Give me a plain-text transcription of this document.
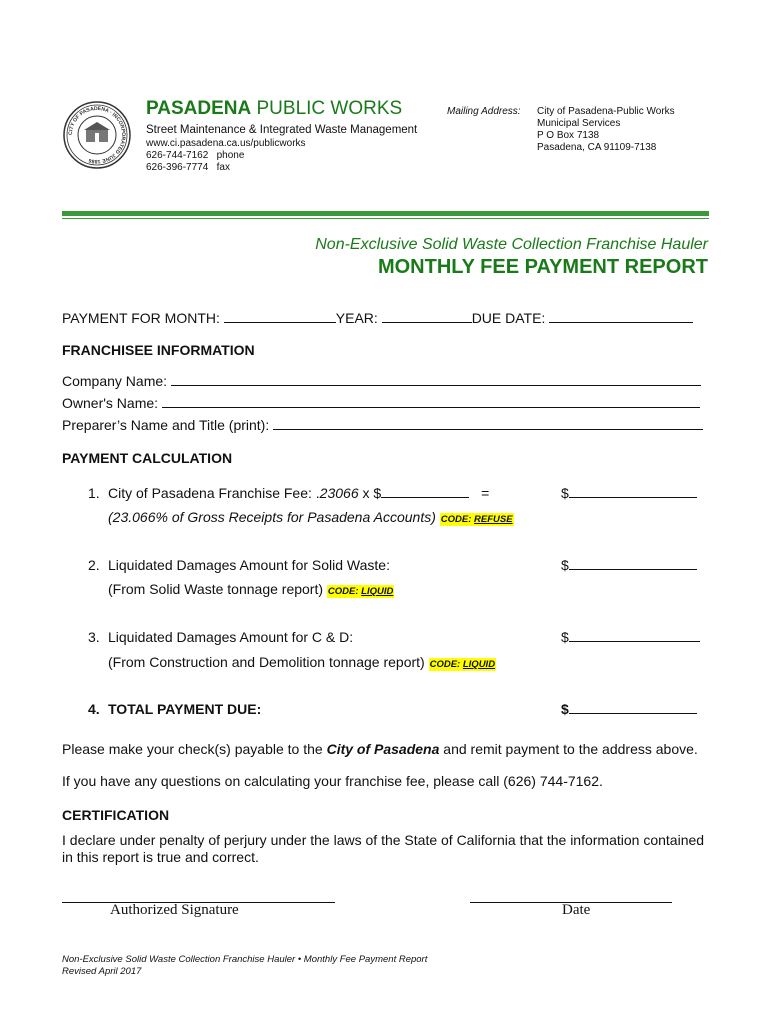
CITY OF PASADENA · INCORPORATED JUNE 1886
PASADENA PUBLIC WORKS
Street Maintenance & Integrated Waste Management
www.ci.pasadena.ca.us/publicworks
626-744-7162   phone
626-396-7774   fax
Mailing Address: City of Pasadena-Public Works
Municipal Services
P O Box 7138
Pasadena, CA 91109-7138
Non-Exclusive Solid Waste Collection Franchise Hauler
MONTHLY FEE PAYMENT REPORT
PAYMENT FOR MONTH:	YEAR:	DUE DATE:
FRANCHISEE INFORMATION
Company Name:
Owner's Name:
Preparer’s Name and Title (print):
PAYMENT CALCULATION
1. City of Pasadena Franchise Fee: .23066 x $	=	$
(23.066% of Gross Receipts for Pasadena Accounts) CODE: REFUSE
2. Liquidated Damages Amount for Solid Waste:	$
(From Solid Waste tonnage report) CODE: LIQUID
3. Liquidated Damages Amount for C & D:	$
(From Construction and Demolition tonnage report) CODE: LIQUID
4. TOTAL PAYMENT DUE:	$
Please make your check(s) payable to the City of Pasadena and remit payment to the address above.
If you have any questions on calculating your franchise fee, please call (626) 744-7162.
CERTIFICATION
I declare under penalty of perjury under the laws of the State of California that the information contained
in this report is true and correct.
Authorized Signature	Date
Non-Exclusive Solid Waste Collection Franchise Hauler • Monthly Fee Payment Report
Revised April 2017
